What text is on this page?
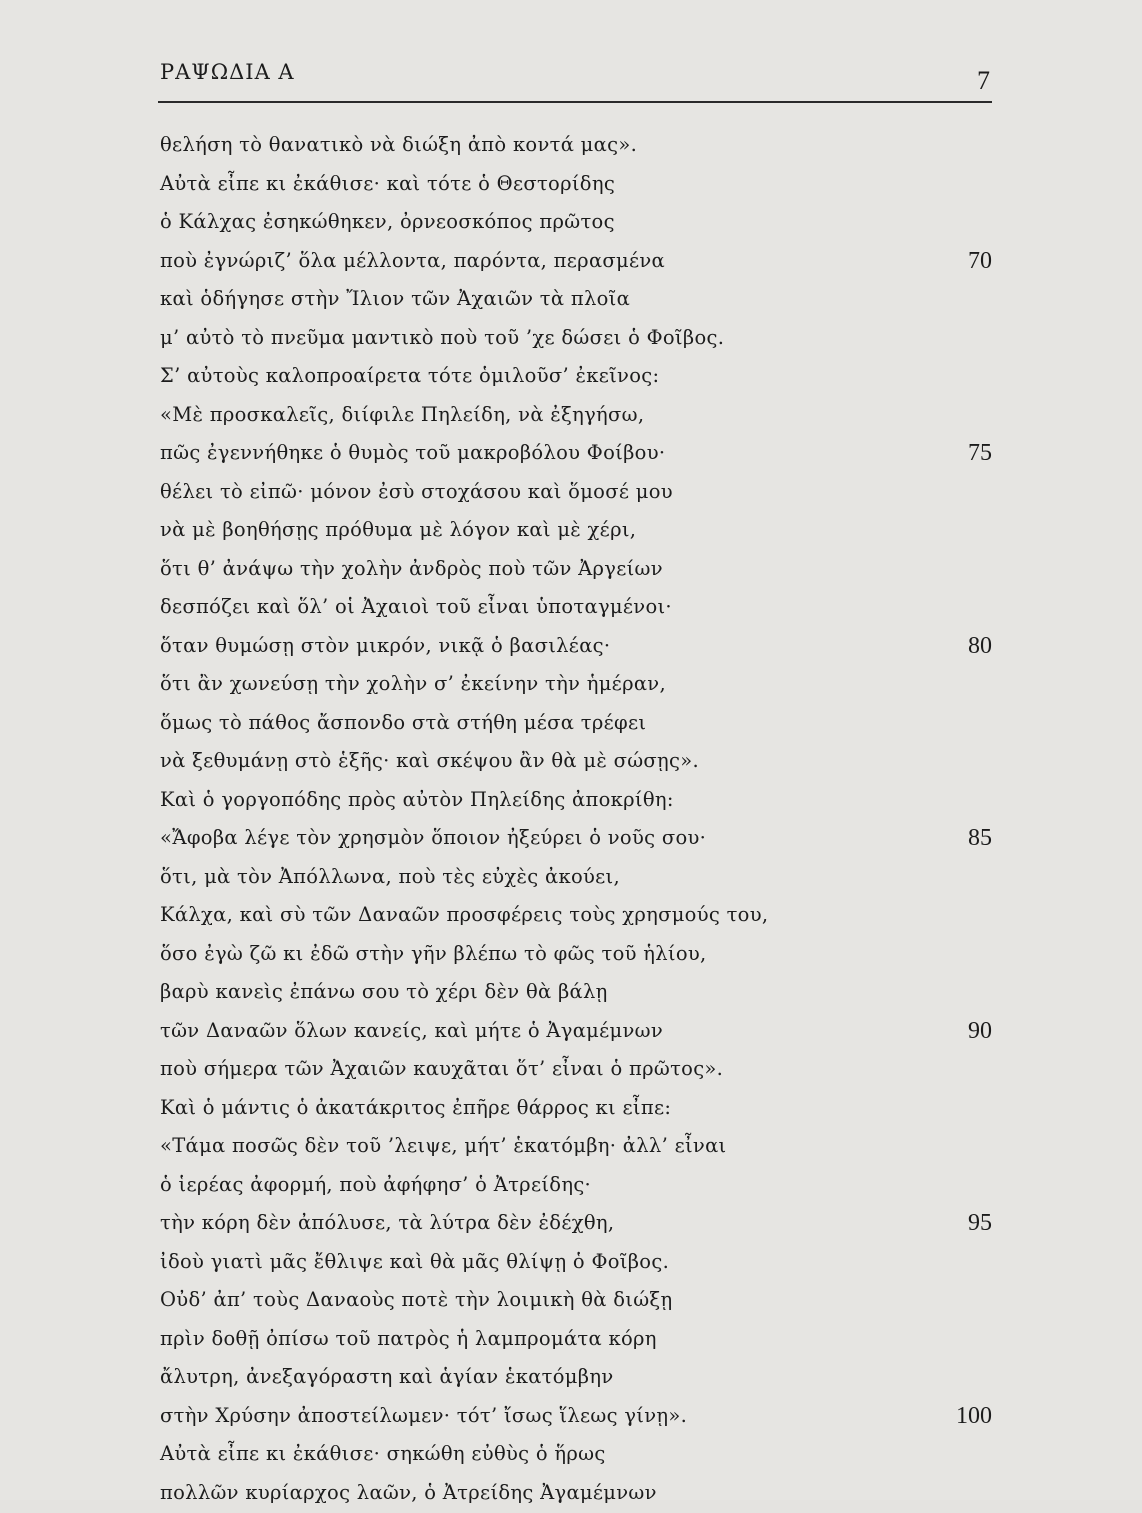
ΡΑΨΩΔΙΑ Α	7
θελήση τὸ θανατικὸ νὰ διώξη ἀπὸ κοντά μας».
Αὐτὰ εἶπε κι ἐκάθισε· καὶ τότε ὁ Θεστορίδης
ὁ Κάλχας ἐσηκώθηκεν, ὀρνεοσκόπος πρῶτος
ποὺ ἐγνώριζ’ ὅλα μέλλοντα, παρόντα, περασμένα	70
καὶ ὁδήγησε στὴν Ἴλιον τῶν Ἀχαιῶν τὰ πλοῖα
μ’ αὐτὸ τὸ πνεῦμα μαντικὸ ποὺ τοῦ ’χε δώσει ὁ Φοῖβος.
Σ’ αὐτοὺς καλοπροαίρετα τότε ὁμιλοῦσ’ ἐκεῖνος:
«Μὲ προσκαλεῖς, διίφιλε Πηλείδη, νὰ ἐξηγήσω,
πῶς ἐγεννήθηκε ὁ θυμὸς τοῦ μακροβόλου Φοίβου·	75
θέλει τὸ εἰπῶ· μόνον ἐσὺ στοχάσου καὶ ὅμοσέ μου
νὰ μὲ βοηθήσῃς πρόθυμα μὲ λόγον καὶ μὲ χέρι,
ὅτι θ’ ἀνάψω τὴν χολὴν ἀνδρὸς ποὺ τῶν Ἀργείων
δεσπόζει καὶ ὅλ’ οἱ Ἀχαιοὶ τοῦ εἶναι ὑποταγμένοι·
ὅταν θυμώσῃ στὸν μικρόν, νικᾷ ὁ βασιλέας·	80
ὅτι ἂν χωνεύσῃ τὴν χολὴν σ’ ἐκείνην τὴν ἡμέραν,
ὅμως τὸ πάθος ἄσπονδο στὰ στήθη μέσα τρέφει
νὰ ξεθυμάνῃ στὸ ἑξῆς· καὶ σκέψου ἂν θὰ μὲ σώσῃς».
Καὶ ὁ γοργοπόδης πρὸς αὐτὸν Πηλείδης ἀποκρίθη:
«Ἄφοβα λέγε τὸν χρησμὸν ὅποιον ἠξεύρει ὁ νοῦς σου·	85
ὅτι, μὰ τὸν Ἀπόλλωνα, ποὺ τὲς εὐχὲς ἀκούει,
Κάλχα, καὶ σὺ τῶν Δαναῶν προσφέρεις τοὺς χρησμούς του,
ὅσο ἐγὼ ζῶ κι ἐδῶ στὴν γῆν βλέπω τὸ φῶς τοῦ ἡλίου,
βαρὺ κανεὶς ἐπάνω σου τὸ χέρι δὲν θὰ βάλῃ
τῶν Δαναῶν ὅλων κανείς, καὶ μήτε ὁ Ἀγαμέμνων	90
ποὺ σήμερα τῶν Ἀχαιῶν καυχᾶται ὅτ’ εἶναι ὁ πρῶτος».
Καὶ ὁ μάντις ὁ ἀκατάκριτος ἐπῆρε θάρρος κι εἶπε:
«Τάμα ποσῶς δὲν τοῦ ’λειψε, μήτ’ ἑκατόμβη· ἀλλ’ εἶναι
ὁ ἱερέας ἀφορμή, ποὺ ἀφήφησ’ ὁ Ἀτρείδης·
τὴν κόρη δὲν ἀπόλυσε, τὰ λύτρα δὲν ἐδέχθη,	95
ἰδοὺ γιατὶ μᾶς ἔθλιψε καὶ θὰ μᾶς θλίψῃ ὁ Φοῖβος.
Οὐδ’ ἀπ’ τοὺς Δαναοὺς ποτὲ τὴν λοιμικὴ θὰ διώξῃ
πρὶν δοθῇ ὀπίσω τοῦ πατρὸς ἡ λαμπρομάτα κόρη
ἄλυτρη, ἀνεξαγόραστη καὶ ἁγίαν ἑκατόμβην
στὴν Χρύσην ἀποστείλωμεν· τότ’ ἴσως ἵλεως γίνῃ».	100
Αὐτὰ εἶπε κι ἐκάθισε· σηκώθη εὐθὺς ὁ ἥρως
πολλῶν κυρίαρχος λαῶν, ὁ Ἀτρείδης Ἀγαμέμνων
